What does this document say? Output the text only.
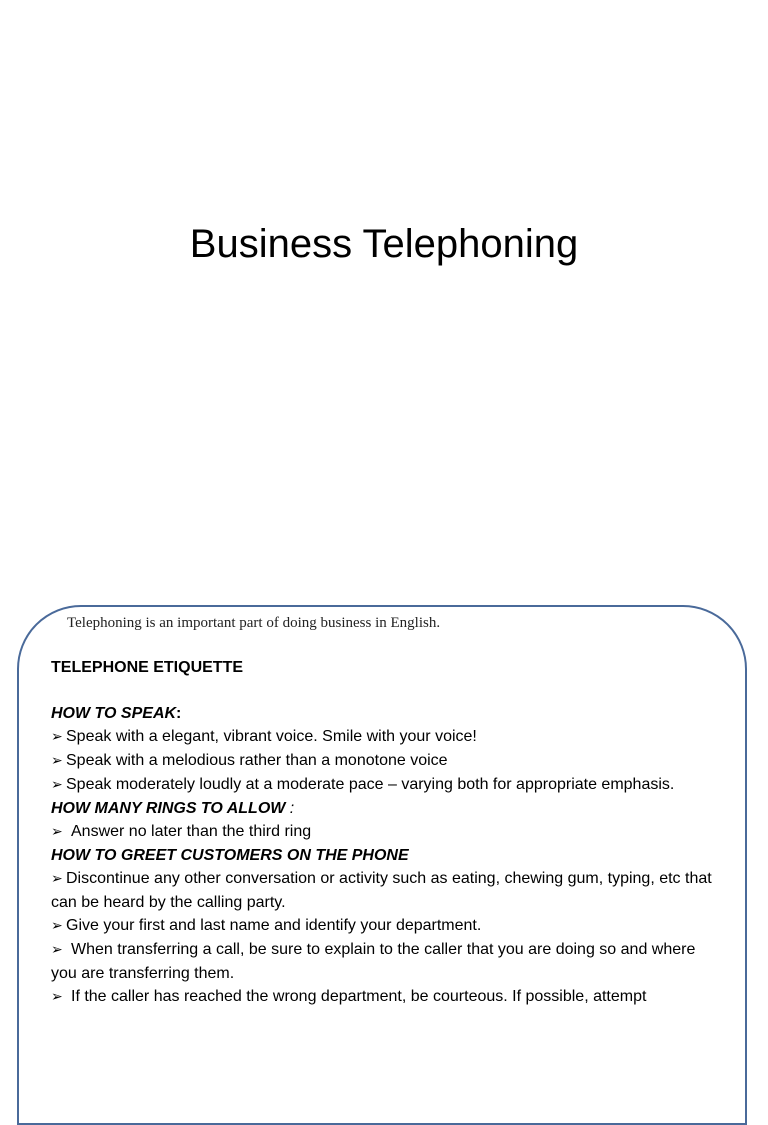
Business Telephoning
Telephoning is an important part of doing business in English.

TELEPHONE ETIQUETTE

HOW TO SPEAK:

➢ Speak with a elegant, vibrant voice. Smile with your voice!

➢ Speak with a melodious rather than a monotone voice

➢ Speak moderately loudly at a moderate pace – varying both for appropriate emphasis.

HOW MANY RINGS TO ALLOW :

➢ Answer no later than the third ring

HOW TO GREET CUSTOMERS ON THE PHONE

➢ Discontinue any other conversation or activity such as eating, chewing gum, typing, etc that can be heard by the calling party.

➢ Give your first and last name and identify your department.

➢ When transferring a call, be sure to explain to the caller that you are doing so and where you are transferring them.

➢ If the caller has reached the wrong department, be courteous. If possible, attempt
